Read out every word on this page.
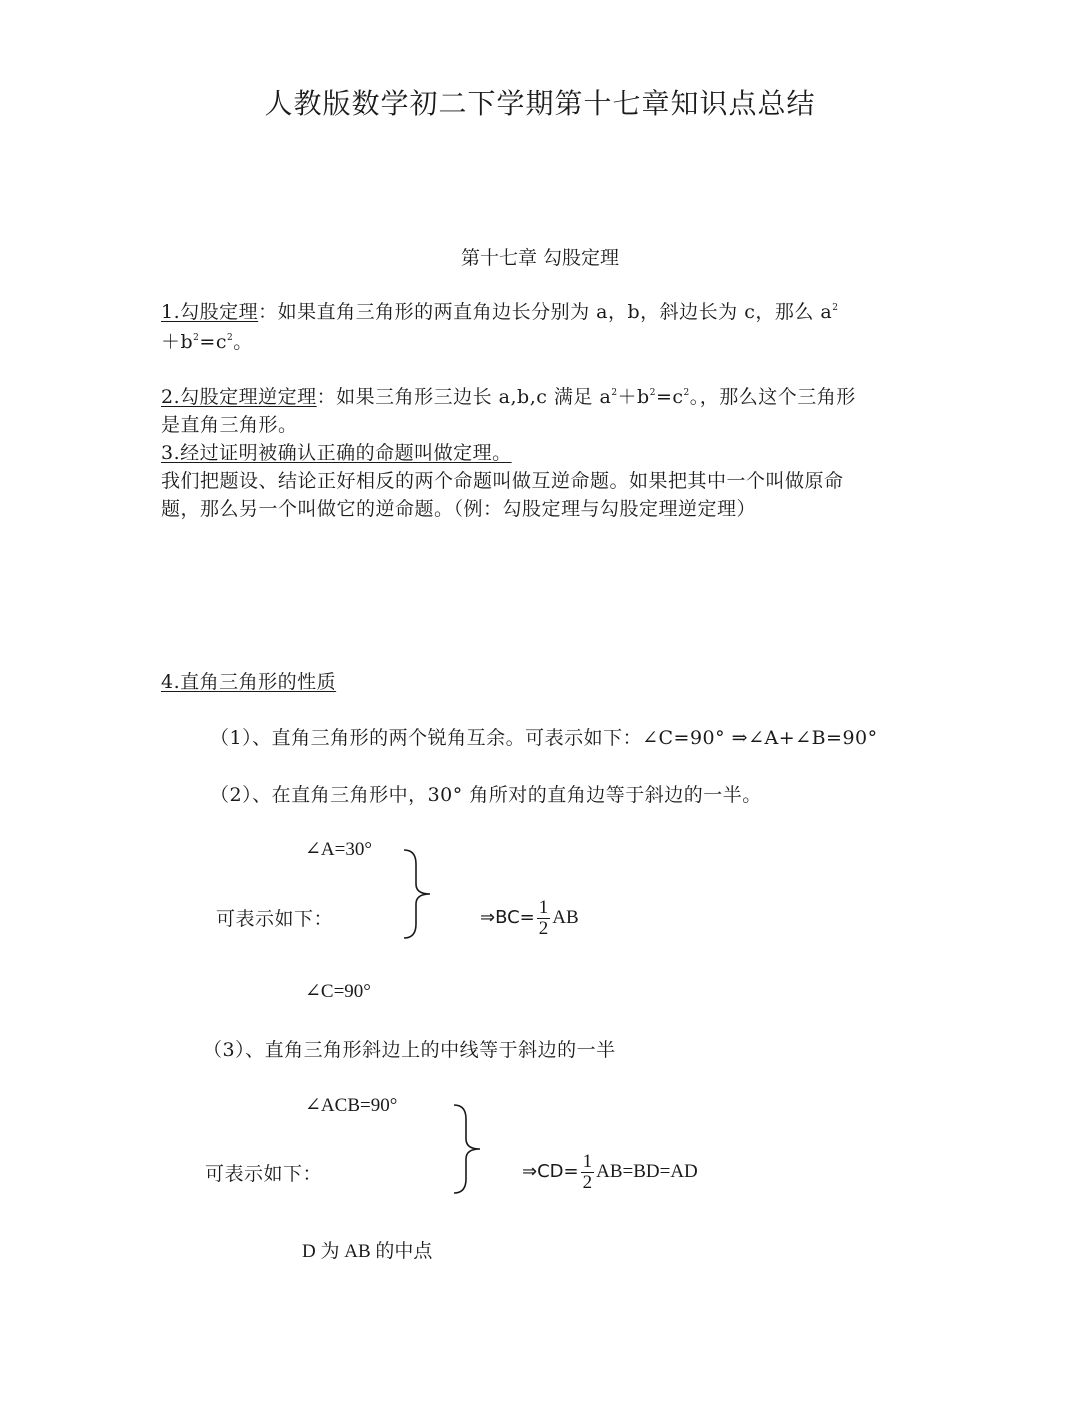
人教版数学初二下学期第十七章知识点总结
第十七章 勾股定理
1.勾股定理：如果直角三角形的两直角边长分别为 a，b，斜边长为 c，那么 $a^2$
$+b^2=c^2$。
2.勾股定理逆定理：如果三角形三边长 a,b,c 满足 $a^2+b^2=c^2$。，那么这个三角形
是直角三角形。
3.经过证明被确认正确的命题叫做定理。
我们把题设、结论正好相反的两个命题叫做互逆命题。如果把其中一个叫做原命
题，那么另一个叫做它的逆命题。（例：勾股定理与勾股定理逆定理）
4.直角三角形的性质
（1）、直角三角形的两个锐角互余。可表示如下：∠C=90° ⇒∠A+∠B=90°
（2）、在直角三角形中，30° 角所对的直角边等于斜边的一半。
∠A=30°
可表示如下：	⇒BC= $\frac{1}{2}$ AB
∠C=90°
（3）、直角三角形斜边上的中线等于斜边的一半
∠ACB=90°
可表示如下：	⇒CD= $\frac{1}{2} AB=BD=AD$
D 为 AB 的中点
